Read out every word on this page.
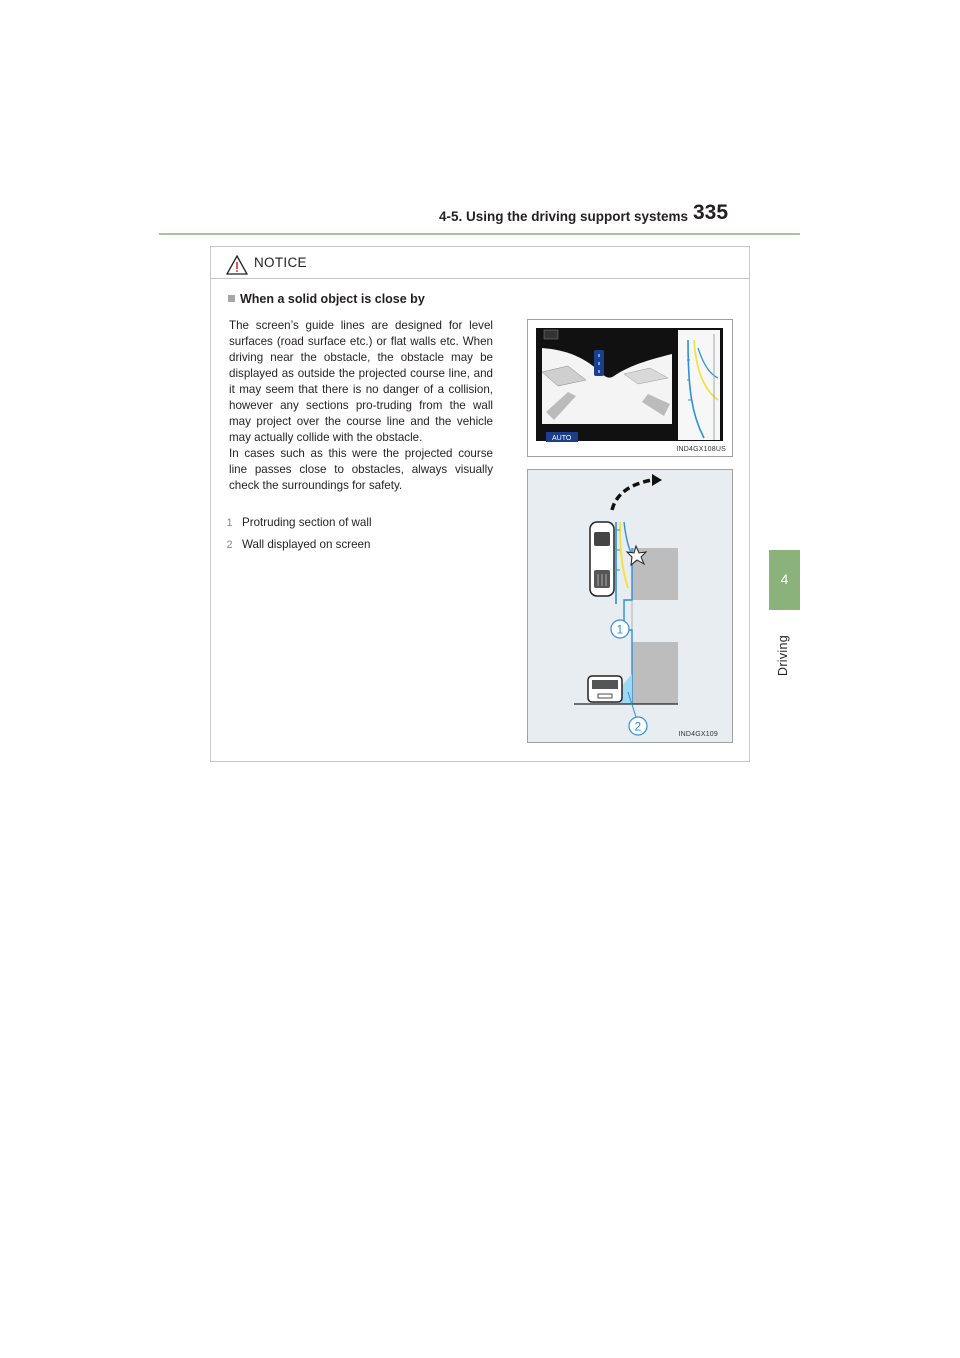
4-5. Using the driving support systems 335
4
Driving
NOTICE
When a solid object is close by

The screen’s guide lines are designed for level surfaces (road surface etc.) or flat walls etc. When driving near the obstacle, the obstacle may be displayed as outside the projected course line, and it may seem that there is no danger of a collision, however any sections pro-truding from the wall may project over the course line and the vehicle may actually collide with the obstacle.

In cases such as this were the projected course line passes close to obstacles, always visually check the surroundings for safety.

1 Protruding section of wall
2 Wall displayed on screen
AUTO
IND4GX108US
1
2
IND4GX109
